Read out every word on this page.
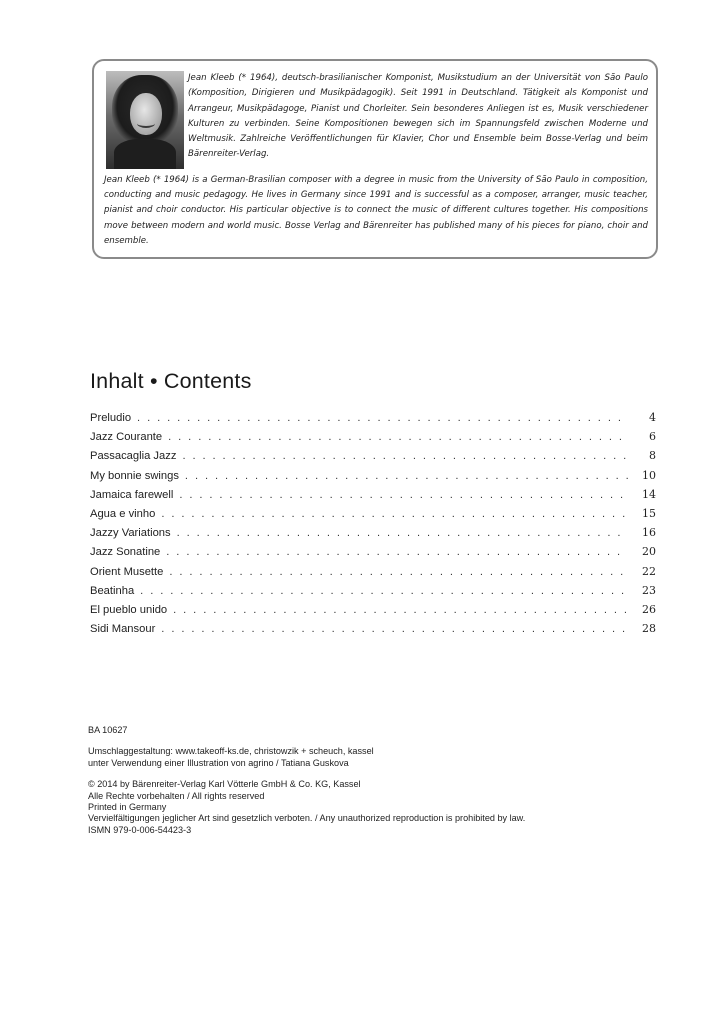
Jean Kleeb (* 1964), deutsch-brasilianischer Komponist, Musikstudium an der Universität von São Paulo (Komposition, Dirigieren und Musikpädagogik). Seit 1991 in Deutschland. Tätigkeit als Komponist und Arrangeur, Musikpädagoge, Pianist und Chorleiter. Sein besonderes Anliegen ist es, Musik verschiedener Kulturen zu verbinden. Seine Kompositionen bewegen sich im Spannungsfeld zwischen Moderne und Weltmusik. Zahlreiche Veröffentlichungen für Klavier, Chor und Ensemble beim Bosse-Verlag und beim Bärenreiter-Verlag.

Jean Kleeb (* 1964) is a German-Brasilian composer with a degree in music from the University of São Paulo in composition, conducting and music pedagogy. He lives in Germany since 1991 and is successful as a composer, arranger, music teacher, pianist and choir conductor. His particular objective is to connect the music of different cultures together. His compositions move between modern and world music. Bosse Verlag and Bärenreiter has published many of his pieces for piano, choir and ensemble.

Inhalt • Contents
Preludio . . .	4
Jazz Courante . . .	6
Passacaglia Jazz . . .	8
My bonnie swings . . .	10
Jamaica farewell . . .	14
Agua e vinho . . .	15
Jazzy Variations . . .	16
Jazz Sonatine . . .	20
Orient Musette . . .	22
Beatinha . . .	23
El pueblo unido . . .	26
Sidi Mansour . . .	28

BA 10627

Umschlaggestaltung: www.takeoff-ks.de, christowzik + scheuch, kassel

unter Verwendung einer Illustration von agrino / Tatiana Guskova

© 2014 by Bärenreiter-Verlag Karl Vötterle GmbH & Co. KG, Kassel

Alle Rechte vorbehalten / All rights reserved

Printed in Germany

Vervielfältigungen jeglicher Art sind gesetzlich verboten. / Any unauthorized reproduction is prohibited by law.

ISMN 979-0-006-54423-3
